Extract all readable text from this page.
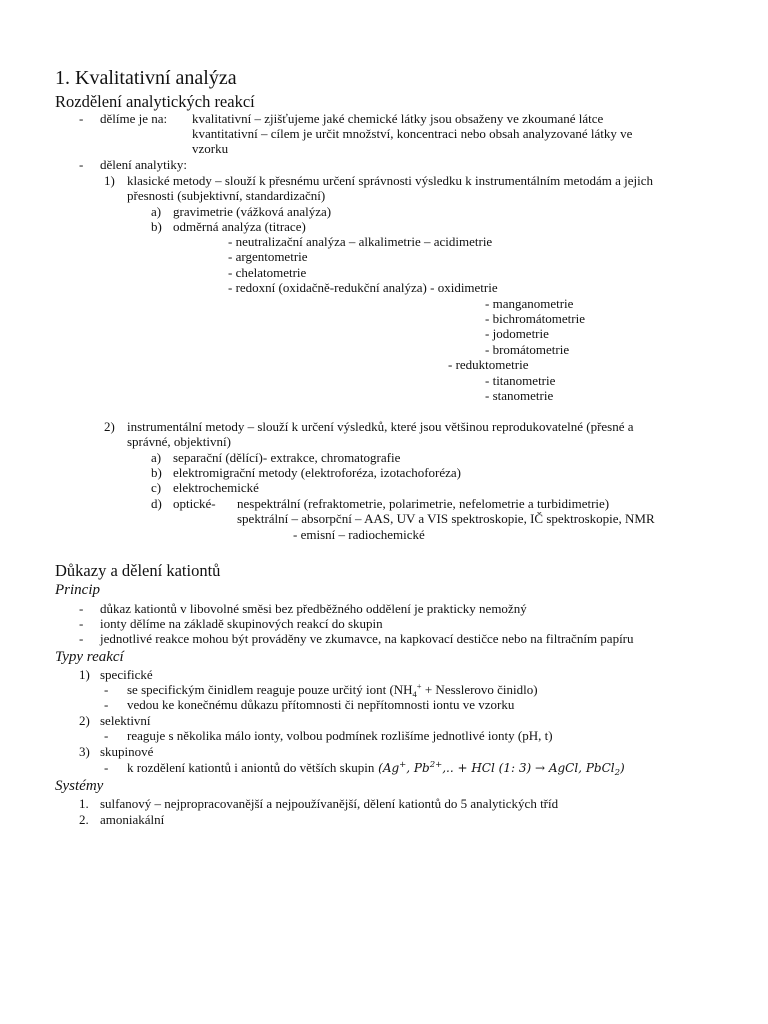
1. Kvalitativní analýza
Rozdělení analytických reakcí
- dělíme je na: kvalitativní – zjišťujeme jaké chemické látky jsou obsaženy ve zkoumané látce
kvantitativní – cílem je určit množství, koncentraci nebo obsah analyzované látky ve
vzorku
- dělení analytiky:
1) klasické metody – slouží k přesnému určení správnosti výsledku k instrumentálním metodám a jejich
přesnosti (subjektivní, standardizační)
a) gravimetrie (vážková analýza)
b) odměrná analýza (titrace)
- neutralizační analýza – alkalimetrie – acidimetrie
- argentometrie
- chelatometrie
- redoxní (oxidačně-redukční analýza) - oxidimetrie
- manganometrie
- bichromátometrie
- jodometrie
- bromátometrie
- reduktometrie
- titanometrie
- stanometrie
2) instrumentální metody – slouží k určení výsledků, které jsou většinou reprodukovatelné (přesné a
správné, objektivní)
a) separační (dělící)- extrakce, chromatografie
b) elektromigrační metody (elektroforéza, izotachoforéza)
c) elektrochemické
d) optické- nespektrální (refraktometrie, polarimetrie, nefelometrie a turbidimetrie)
spektrální – absorpční – AAS, UV a VIS spektroskopie, IČ spektroskopie, NMR
- emisní – radiochemické
Důkazy a dělení kationtů
Princip
- důkaz kationtů v libovolné směsi bez předběžného oddělení je prakticky nemožný
- ionty dělíme na základě skupinových reakcí do skupin
- jednotlivé reakce mohou být prováděny ve zkumavce, na kapkovací destičce nebo na filtračním papíru
Typy reakcí
1) specifické
- se specifickým činidlem reaguje pouze určitý iont ($NH_4^+$ + Nesslerovo činidlo)
- vedou ke konečnému důkazu přítomnosti či nepřítomnosti iontu ve vzorku
2) selektivní
- reaguje s několika málo ionty, volbou podmínek rozlišíme jednotlivé ionty (pH, t)
3) skupinové
- k rozdělení kationtů i aniontů do větších skupin (Ag+, $Pb^{2+}$,.. + HCl (1: 3) → AgCl, PbCl$_2$)
Systémy
1. sulfanový – nejpropracovanější a nejpoužívanější, dělení kationtů do 5 analytických tříd
2. amoniakální
